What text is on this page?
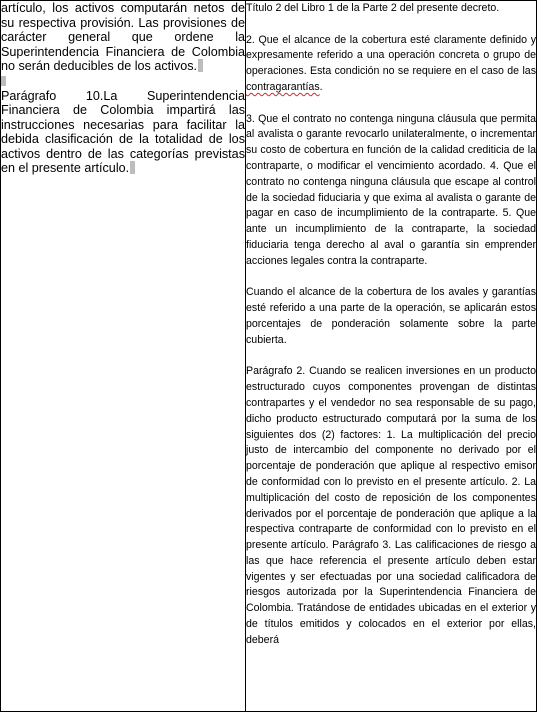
artículo, los activos computarán netos de su respectiva provisión. Las provisiones de carácter general que ordene la Superintendencia Financiera de Colombia no serán deducibles de los activos.

Parágrafo 10.La Superintendencia Financiera de Colombia impartirá las instrucciones necesarias para facilitar la debida clasificación de la totalidad de los activos dentro de las categorías previstas en el presente artículo.

Título 2 del Libro 1 de la Parte 2 del presente decreto.

2. Que el alcance de la cobertura esté claramente definido y expresamente referido a una operación concreta o grupo de operaciones. Esta condición no se requiere en el caso de las contragarantías.

3. Que el contrato no contenga ninguna cláusula que permita al avalista o garante revocarlo unilateralmente, o incrementar su costo de cobertura en función de la calidad crediticia de la contraparte, o modificar el vencimiento acordado. 4. Que el contrato no contenga ninguna cláusula que escape al control de la sociedad fiduciaria y que exima al avalista o garante de pagar en caso de incumplimiento de la contraparte. 5. Que ante un incumplimiento de la contraparte, la sociedad fiduciaria tenga derecho al aval o garantía sin emprender acciones legales contra la contraparte.

Cuando el alcance de la cobertura de los avales y garantías esté referido a una parte de la operación, se aplicarán estos porcentajes de ponderación solamente sobre la parte cubierta.

Parágrafo 2. Cuando se realicen inversiones en un producto estructurado cuyos componentes provengan de distintas contrapartes y el vendedor no sea responsable de su pago, dicho producto estructurado computará por la suma de los siguientes dos (2) factores: 1. La multiplicación del precio justo de intercambio del componente no derivado por el porcentaje de ponderación que aplique al respectivo emisor de conformidad con lo previsto en el presente artículo. 2. La multiplicación del costo de reposición de los componentes derivados por el porcentaje de ponderación que aplique a la respectiva contraparte de conformidad con lo previsto en el presente artículo. Parágrafo 3. Las calificaciones de riesgo a las que hace referencia el presente artículo deben estar vigentes y ser efectuadas por una sociedad calificadora de riesgos autorizada por la Superintendencia Financiera de Colombia. Tratándose de entidades ubicadas en el exterior y de títulos emitidos y colocados en el exterior por ellas, deberá
